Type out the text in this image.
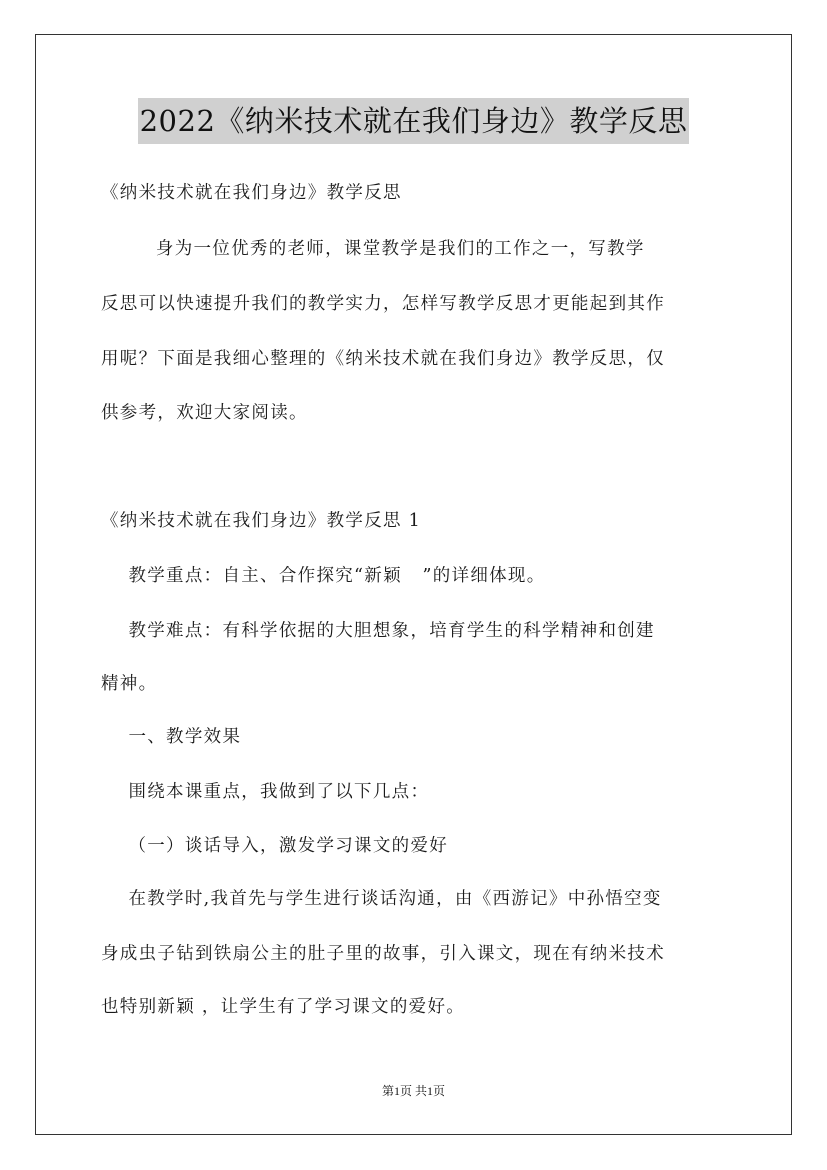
2022《纳米技术就在我们身边》教学反思

《纳米技术就在我们身边》教学反思

身为一位优秀的老师，课堂教学是我们的工作之一，写教学

反思可以快速提升我们的教学实力，怎样写教学反思才更能起到其作

用呢？下面是我细心整理的《纳米技术就在我们身边》教学反思，仅

供参考，欢迎大家阅读。

《纳米技术就在我们身边》教学反思 1

教学重点：自主、合作探究“新颖   ”的详细体现。

教学难点：有科学依据的大胆想象，培育学生的科学精神和创建

精神。

一、教学效果

围绕本课重点，我做到了以下几点：

（一）谈话导入，激发学习课文的爱好

在教学时,我首先与学生进行谈话沟通，由《西游记》中孙悟空变

身成虫子钻到铁扇公主的肚子里的故事，引入课文，现在有纳米技术

也特别新颖 ，让学生有了学习课文的爱好。

第1页 共1页
